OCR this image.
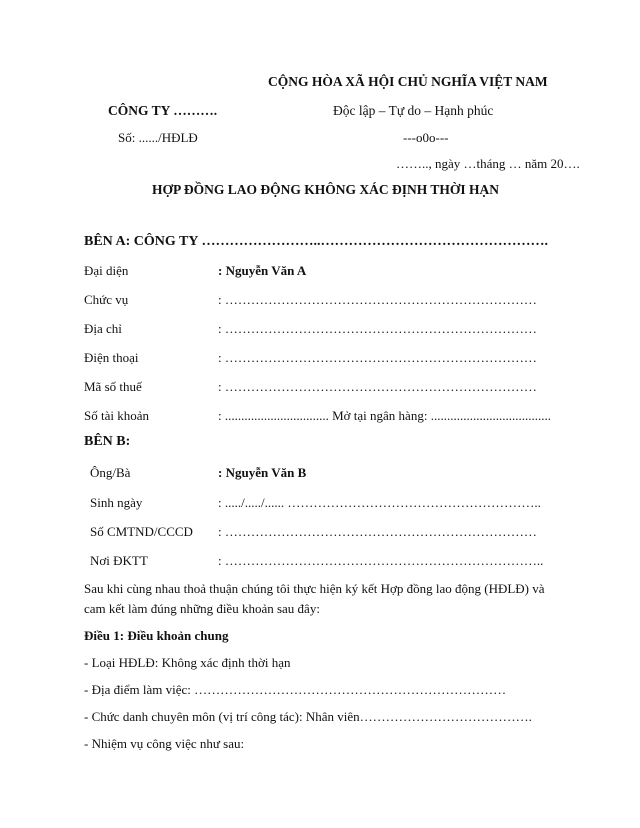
CỘNG HÒA XÃ HỘI CHỦ NGHĨA VIỆT NAM
CÔNG TY ……….	Độc lập – Tự do – Hạnh phúc
Số: ....../HĐLĐ	---o0o---
…….., ngày …tháng … năm 20….
HỢP ĐỒNG LAO ĐỘNG KHÔNG XÁC ĐỊNH THỜI HẠN
BÊN A: CÔNG TY ……………………..………………………………………….
Đại diện	: Nguyễn Văn A
Chức vụ	: ………………………………………………………………
Địa chỉ	: ………………………………………………………………
Điện thoại	: ………………………………………………………………
Mã số thuế	: ………………………………………………………………
Số tài khoản	: ................................ Mở tại ngân hàng: .....................................
BÊN B:
Ông/Bà	: Nguyễn Văn B
Sinh ngày	: ...../...../...... …………………………………………………..
Số CMTND/CCCD : ………………………………………………………………
Nơi ĐKTT	: ………………………………………………………………..
Sau khi cùng nhau thoả thuận chúng tôi thực hiện ký kết Hợp đồng lao động (HĐLĐ) và
cam kết làm đúng những điều khoản sau đây:
Điều 1: Điều khoản chung
- Loại HĐLĐ: Không xác định thời hạn
- Địa điểm làm việc: ………………………………………………………………
- Chức danh chuyên môn (vị trí công tác): Nhân viên………………………………….
- Nhiệm vụ công việc như sau:
